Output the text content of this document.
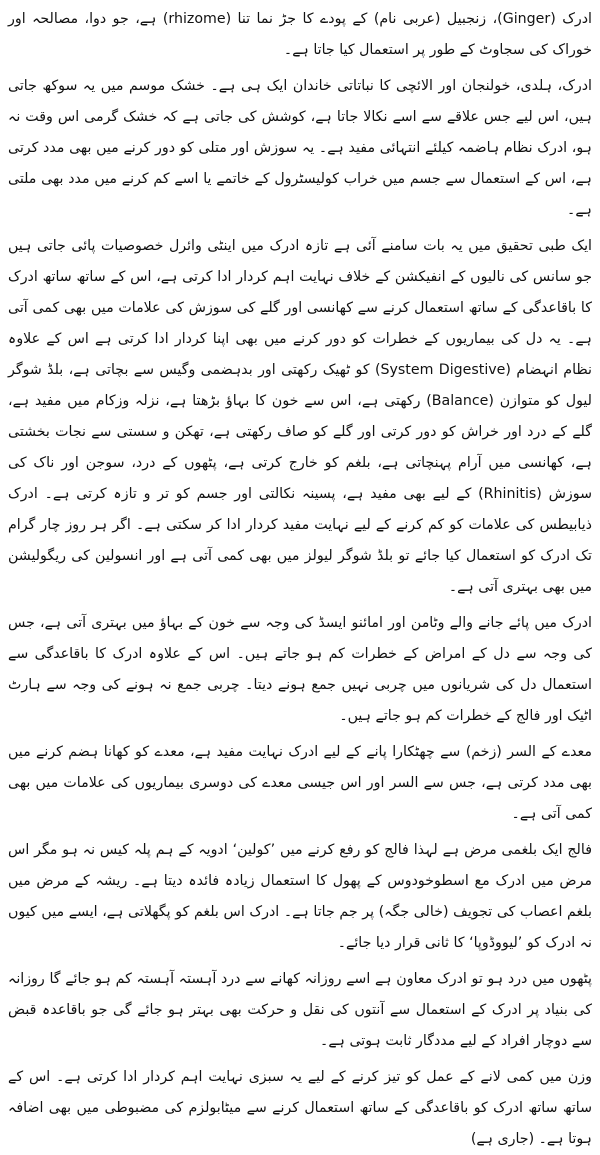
ادرک (Ginger)، زنجبیل (عربی نام) کے پودے کا جڑ نما تنا (rhizome) ہے، جو دوا، مصالحہ اور خوراک کی سجاوٹ کے طور پر استعمال کیا جاتا ہے۔

ادرک، ہلدی، خولنجان اور الائچی کا نباتاتی خاندان ایک ہی ہے۔ خشک موسم میں یہ سوکھ جاتی ہیں، اس لیے جس علاقے سے اسے نکالا جاتا ہے، کوشش کی جاتی ہے کہ خشک گرمی اس وقت نہ ہو، ادرک نظام ہاضمہ کیلئے انتہائی مفید ہے۔ یہ سوزش اور متلی کو دور کرنے میں بھی مدد کرتی ہے، اس کے استعمال سے جسم میں خراب کولیسٹرول کے خاتمے یا اسے کم کرنے میں مدد بھی ملتی ہے۔

ایک طبی تحقیق میں یہ بات سامنے آئی ہے تازہ ادرک میں اینٹی وائرل خصوصیات پائی جاتی ہیں جو سانس کی نالیوں کے انفیکشن کے خلاف نہایت اہم کردار ادا کرتی ہے، اس کے ساتھ ساتھ ادرک کا باقاعدگی کے ساتھ استعمال کرنے سے کھانسی اور گلے کی سوزش کی علامات میں بھی کمی آتی ہے۔ یہ دل کی بیماریوں کے خطرات کو دور کرنے میں بھی اپنا کردار ادا کرتی ہے اس کے علاوہ نظام انہضام (System Digestive) کو ٹھیک رکھتی اور بدہضمی وگیس سے بچاتی ہے، بلڈ شوگر لیول کو متوازن (Balance) رکھتی ہے، اس سے خون کا بہاؤ بڑھتا ہے، نزلہ وزکام میں مفید ہے، گلے کے درد اور خراش کو دور کرتی اور گلے کو صاف رکھتی ہے، تھکن و سستی سے نجات بخشتی ہے، کھانسی میں آرام پہنچاتی ہے، بلغم کو خارج کرتی ہے، پٹھوں کے درد، سوجن اور ناک کی سوزش (Rhinitis) کے لیے بھی مفید ہے، پسینہ نکالتی اور جسم کو تر و تازہ کرتی ہے۔ ادرک ذیابیطس کی علامات کو کم کرنے کے لیے نہایت مفید کردار ادا کر سکتی ہے۔ اگر ہر روز چار گرام تک ادرک کو استعمال کیا جائے تو بلڈ شوگر لیولز میں بھی کمی آتی ہے اور انسولین کی ریگولیشن میں بھی بہتری آتی ہے۔

ادرک میں پائے جانے والے وٹامن اور امائنو ایسڈ کی وجہ سے خون کے بہاؤ میں بہتری آتی ہے، جس کی وجہ سے دل کے امراض کے خطرات کم ہو جاتے ہیں۔ اس کے علاوہ ادرک کا باقاعدگی سے استعمال دل کی شریانوں میں چربی نہیں جمع ہونے دیتا۔ چربی جمع نہ ہونے کی وجہ سے ہارٹ اٹیک اور فالج کے خطرات کم ہو جاتے ہیں۔

معدے کے السر (زخم) سے چھٹکارا پانے کے لیے ادرک نہایت مفید ہے، معدے کو کھانا ہضم کرنے میں بھی مدد کرتی ہے، جس سے السر اور اس جیسی معدے کی دوسری بیماریوں کی علامات میں بھی کمی آتی ہے۔

فالج ایک بلغمی مرض ہے لہذا فالج کو رفع کرنے میں ’کولین‘ ادویہ کے ہم پلہ کیس نہ ہو مگر اس مرض میں ادرک مع اسطوخودوس کے پھول کا استعمال زیادہ فائدہ دیتا ہے۔ ریشہ کے مرض میں بلغم اعصاب کی تجویف (خالی جگہ) پر جم جاتا ہے۔ ادرک اس بلغم کو پگھلاتی ہے، ایسے میں کیوں نہ ادرک کو ’لیووڈوپا‘ کا ثانی قرار دیا جائے۔

پٹھوں میں درد ہو تو ادرک معاون ہے اسے روزانہ کھانے سے درد آہستہ آہستہ کم ہو جائے گا روزانہ کی بنیاد پر ادرک کے استعمال سے آنتوں کی نقل و حرکت بھی بہتر ہو جائے گی جو باقاعدہ قبض سے دوچار افراد کے لیے مددگار ثابت ہوتی ہے۔

وزن میں کمی لانے کے عمل کو تیز کرنے کے لیے یہ سبزی نہایت اہم کردار ادا کرتی ہے۔ اس کے ساتھ ساتھ ادرک کو باقاعدگی کے ساتھ استعمال کرنے سے میٹابولزم کی مضبوطی میں بھی اضافہ ہوتا ہے۔ (جاری ہے)
